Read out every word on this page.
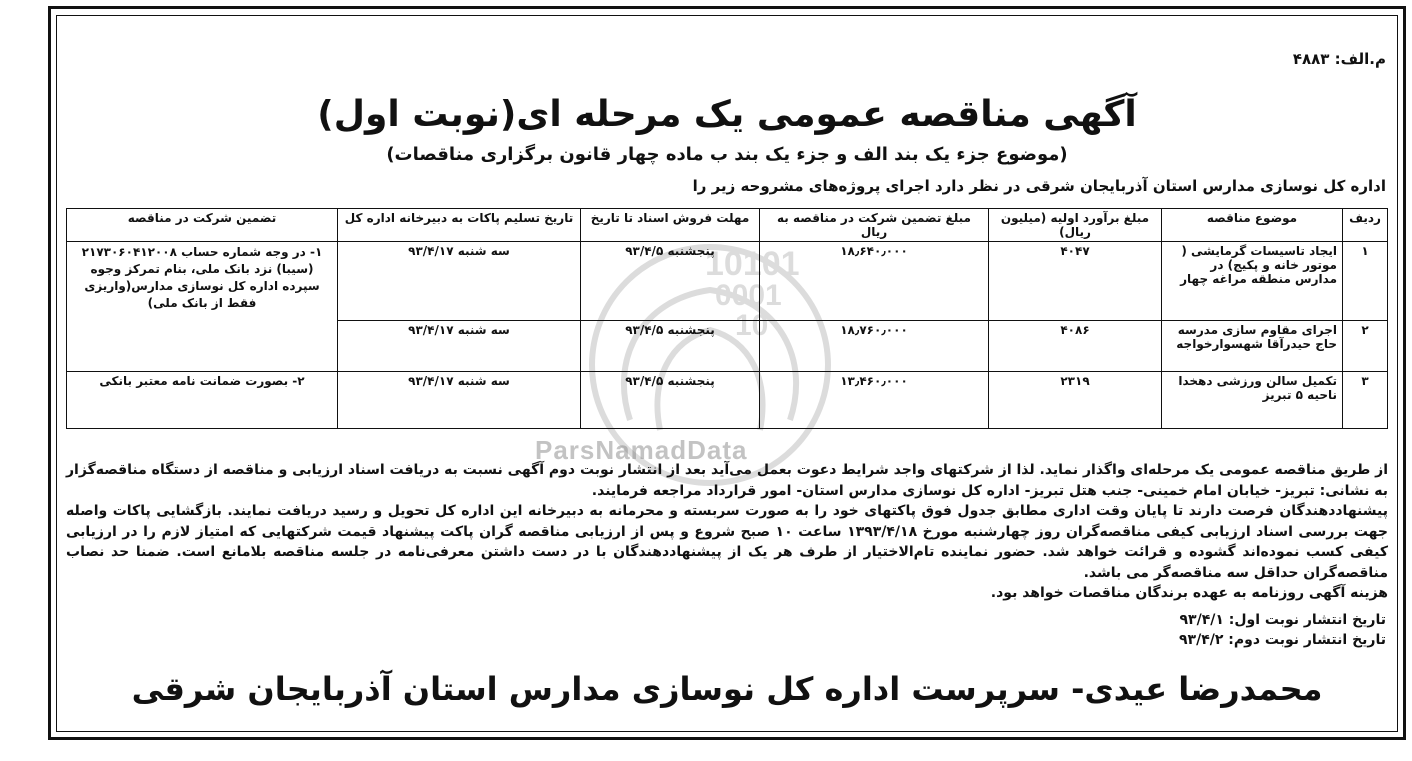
10101
0001
10
ParsNamadData
م.الف: ۴۸۸۳
آگهی مناقصه عمومی یک مرحله ای(نوبت اول)
(موضوع جزء یک بند الف و جزء یک بند ب ماده چهار قانون برگزاری مناقصات)
اداره کل نوسازی مدارس استان آذربایجان شرقی در نظر دارد اجرای پروژه‌های مشروحه زیر را
ردیف	موضوع مناقصه	مبلغ برآورد اولیه (میلیون ریال)	مبلغ تضمین شرکت در مناقصه به ریال	مهلت فروش اسناد تا تاریخ	تاریخ تسلیم پاکات به دبیرخانه اداره کل	تضمین شرکت در مناقصه
۱	ایجاد تاسیسات گرمایشی ( موتور خانه و پکیج) در مدارس منطقه مراغه چهار	۴۰۴۷	۱۸٫۶۴۰٫۰۰۰	پنجشنبه ۹۳/۴/۵	سه شنبه ۹۳/۴/۱۷	۱- در وجه شماره حساب ۲۱۷۳۰۶۰۴۱۲۰۰۸ (سیبا) نزد بانک ملی، بنام تمرکز وجوه سپرده اداره کل نوسازی مدارس(واریزی فقط از بانک ملی)
۲	اجرای مقاوم سازی مدرسه حاج حیدرآقا شهسوارخواجه	۴۰۸۶	۱۸٫۷۶۰٫۰۰۰	پنجشنبه ۹۳/۴/۵	سه شنبه ۹۳/۴/۱۷	
۳	تکمیل سالن ورزشی دهخدا ناحیه ۵ تبریز	۲۳۱۹	۱۳٫۴۶۰٫۰۰۰	پنجشنبه ۹۳/۴/۵	سه شنبه ۹۳/۴/۱۷	۲- بصورت ضمانت نامه معتبر بانکی

از طریق مناقصه عمومی یک مرحله‌ای واگذار نماید. لذا از شرکتهای واجد شرایط دعوت بعمل می‌آید بعد از انتشار نوبت دوم آگهی نسبت به دریافت اسناد ارزیابی و مناقصه از دستگاه مناقصه‌گزار به نشانی: تبریز- خیابان امام خمینی- جنب هتل تبریز- اداره کل نوسازی مدارس استان- امور قرارداد مراجعه فرمایند.

پیشنهاددهندگان فرصت دارند تا پایان وقت اداری مطابق جدول فوق پاکتهای خود را به صورت سربسته و محرمانه به دبیرخانه این اداره کل تحویل و رسید دریافت نمایند. بازگشایی پاکات واصله جهت بررسی اسناد ارزیابی کیفی مناقصه‌گران روز چهارشنبه مورخ ۱۳۹۳/۴/۱۸ ساعت ۱۰ صبح شروع و پس از ارزیابی مناقصه گران پاکت پیشنهاد قیمت شرکتهایی که امتیاز لازم را در ارزیابی کیفی کسب نموده‌اند گشوده و قرائت خواهد شد. حضور نماینده تام‌الاختیار از طرف هر یک از پیشنهاددهندگان با در دست داشتن معرفی‌نامه در جلسه مناقصه بلامانع است. ضمنا حد نصاب مناقصه‌گران حداقل سه مناقصه‌گر می باشد.

هزینه آگهی روزنامه به عهده برندگان مناقصات خواهد بود.

تاریخ انتشار نوبت اول: ۹۳/۴/۱
تاریخ انتشار نوبت دوم: ۹۳/۴/۲
محمدرضا عیدی- سرپرست اداره کل نوسازی مدارس استان آذربایجان شرقی
